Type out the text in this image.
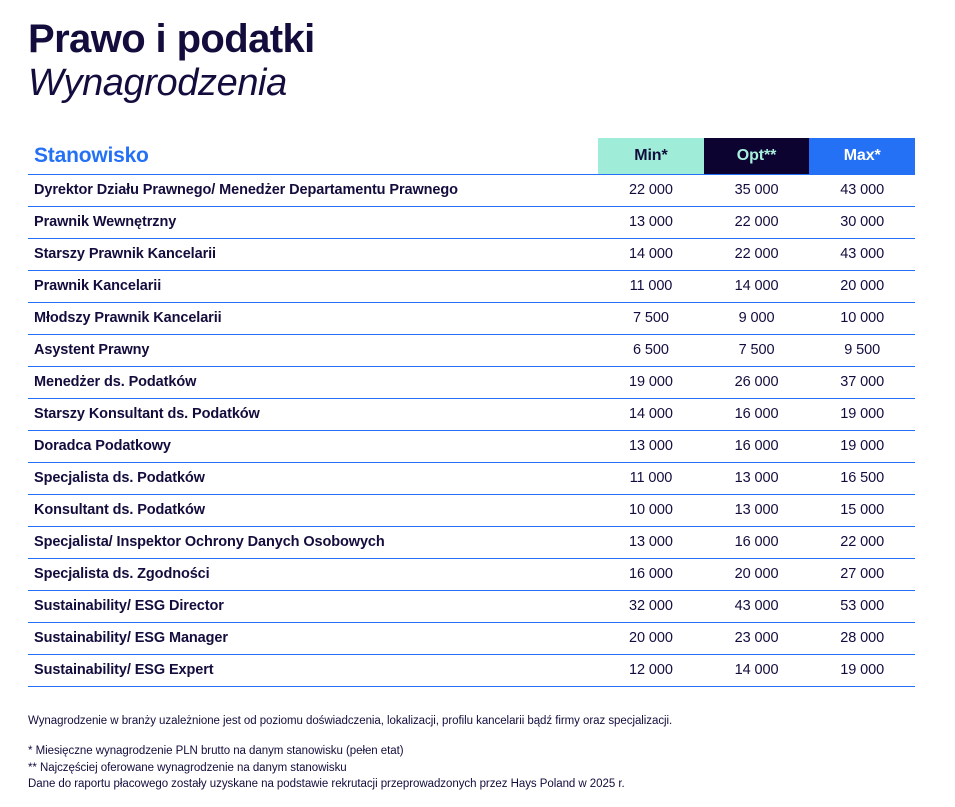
Prawo i podatki
Wynagrodzenia
Stanowisko	Min*	Opt**	Max*
Dyrektor Działu Prawnego/ Menedżer Departamentu Prawnego	22 000	35 000	43 000
Prawnik Wewnętrzny	13 000	22 000	30 000
Starszy Prawnik Kancelarii	14 000	22 000	43 000
Prawnik Kancelarii	11 000	14 000	20 000
Młodszy Prawnik Kancelarii	7 500	9 000	10 000
Asystent Prawny	6 500	7 500	9 500
Menedżer ds. Podatków	19 000	26 000	37 000
Starszy Konsultant ds. Podatków	14 000	16 000	19 000
Doradca Podatkowy	13 000	16 000	19 000
Specjalista ds. Podatków	11 000	13 000	16 500
Konsultant ds. Podatków	10 000	13 000	15 000
Specjalista/ Inspektor Ochrony Danych Osobowych	13 000	16 000	22 000
Specjalista ds. Zgodności	16 000	20 000	27 000
Sustainability/ ESG Director	32 000	43 000	53 000
Sustainability/ ESG Manager	20 000	23 000	28 000
Sustainability/ ESG Expert	12 000	14 000	19 000
Wynagrodzenie w branży uzależnione jest od poziomu doświadczenia, lokalizacji, profilu kancelarii bądź firmy oraz specjalizacji.
* Miesięczne wynagrodzenie PLN brutto na danym stanowisku (pełen etat)
** Najczęściej oferowane wynagrodzenie na danym stanowisku
Dane do raportu płacowego zostały uzyskane na podstawie rekrutacji przeprowadzonych przez Hays Poland w 2025 r.
